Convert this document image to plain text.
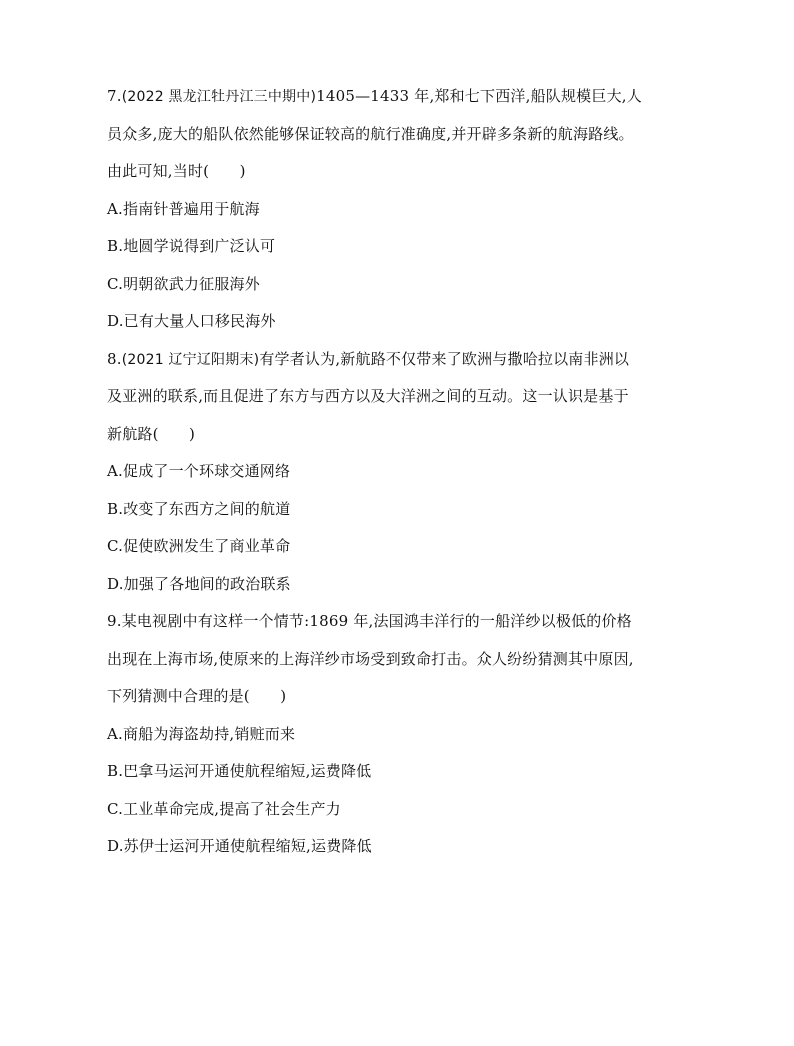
7.(2022 黑龙江牡丹江三中期中)1405—1433 年,郑和七下西洋,船队规模巨大,人
员众多,庞大的船队依然能够保证较高的航行准确度,并开辟多条新的航海路线。
由此可知,当时(　　)
A.指南针普遍用于航海
B.地圆学说得到广泛认可
C.明朝欲武力征服海外
D.已有大量人口移民海外
8.(2021 辽宁辽阳期末)有学者认为,新航路不仅带来了欧洲与撒哈拉以南非洲以
及亚洲的联系,而且促进了东方与西方以及大洋洲之间的互动。这一认识是基于
新航路(　　)
A.促成了一个环球交通网络
B.改变了东西方之间的航道
C.促使欧洲发生了商业革命
D.加强了各地间的政治联系
9.某电视剧中有这样一个情节:1869 年,法国鸿丰洋行的一船洋纱以极低的价格
出现在上海市场,使原来的上海洋纱市场受到致命打击。众人纷纷猜测其中原因,
下列猜测中合理的是(　　)
A.商船为海盗劫持,销赃而来
B.巴拿马运河开通使航程缩短,运费降低
C.工业革命完成,提高了社会生产力
D.苏伊士运河开通使航程缩短,运费降低
